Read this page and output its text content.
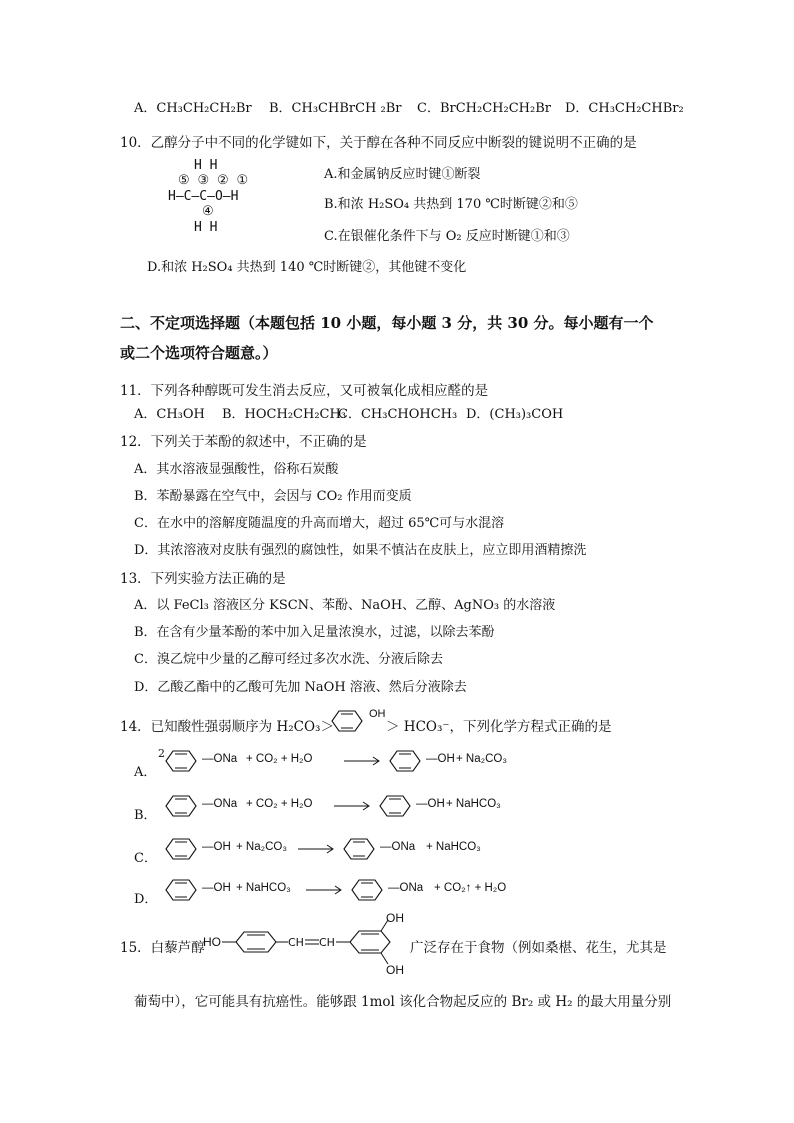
A．CH₃CH₂CH₂Br B．CH₃CHBrCH ₂Br C．BrCH₂CH₂CH₂Br D．CH₃CH₂CHBr₂
10．乙醇分子中不同的化学键如下，关于醇在各种不同反应中断裂的键说明不正确的是
H H
⑤ ③ ② ①
H—C—C—O—H
④
H H
A.和金属钠反应时键①断裂
B.和浓 H₂SO₄ 共热到 170 ℃时断键②和⑤
C.在银催化条件下与 O₂ 反应时断键①和③
D.和浓 H₂SO₄ 共热到 140 ℃时断键②，其他键不变化
二、不定项选择题（本题包括 10 小题，每小题 3 分，共 30 分。每小题有一个
或二个选项符合题意。）
11．下列各种醇既可发生消去反应，又可被氧化成相应醛的是
A．CH₃OH B．HOCH₂CH₂CH₃
C．CH₃CHOHCH₃ D．(CH₃)₃COH
12．下列关于苯酚的叙述中，不正确的是
A．其水溶液显强酸性，俗称石炭酸
B．苯酚暴露在空气中，会因与 CO₂ 作用而变质
C．在水中的溶解度随温度的升高而增大，超过 65℃可与水混溶
D．其浓溶液对皮肤有强烈的腐蚀性，如果不慎沾在皮肤上，应立即用酒精擦洗
13．下列实验方法正确的是
A．以 FeCl₃ 溶液区分 KSCN、苯酚、NaOH、乙醇、AgNO₃ 的水溶液
B．在含有少量苯酚的苯中加入足量浓溴水，过滤，以除去苯酚
C．溴乙烷中少量的乙醇可经过多次水洗、分液后除去
D．乙酸乙酯中的乙酸可先加 NaOH 溶液、然后分液除去
14．已知酸性强弱顺序为 H₂CO₃＞
OH
＞ HCO₃⁻，下列化学方程式正确的是
A．
2	—ONa + CO₂ + H₂O	—OH + Na₂CO₃
B．
—ONa + CO₂ + H₂O	—OH + NaHCO₃
C．
—OH + Na₂CO₃ →	—ONa + NaHCO₃
D．
—OH + NaHCO₃ →	—ONa + CO₂↑ + H₂O
15．白藜芦醇
HO	CH CH
OH
OH
广泛存在于食物（例如桑椹、花生，尤其是
葡萄中），它可能具有抗癌性。能够跟 1mol 该化合物起反应的 Br₂ 或 H₂ 的最大用量分别
